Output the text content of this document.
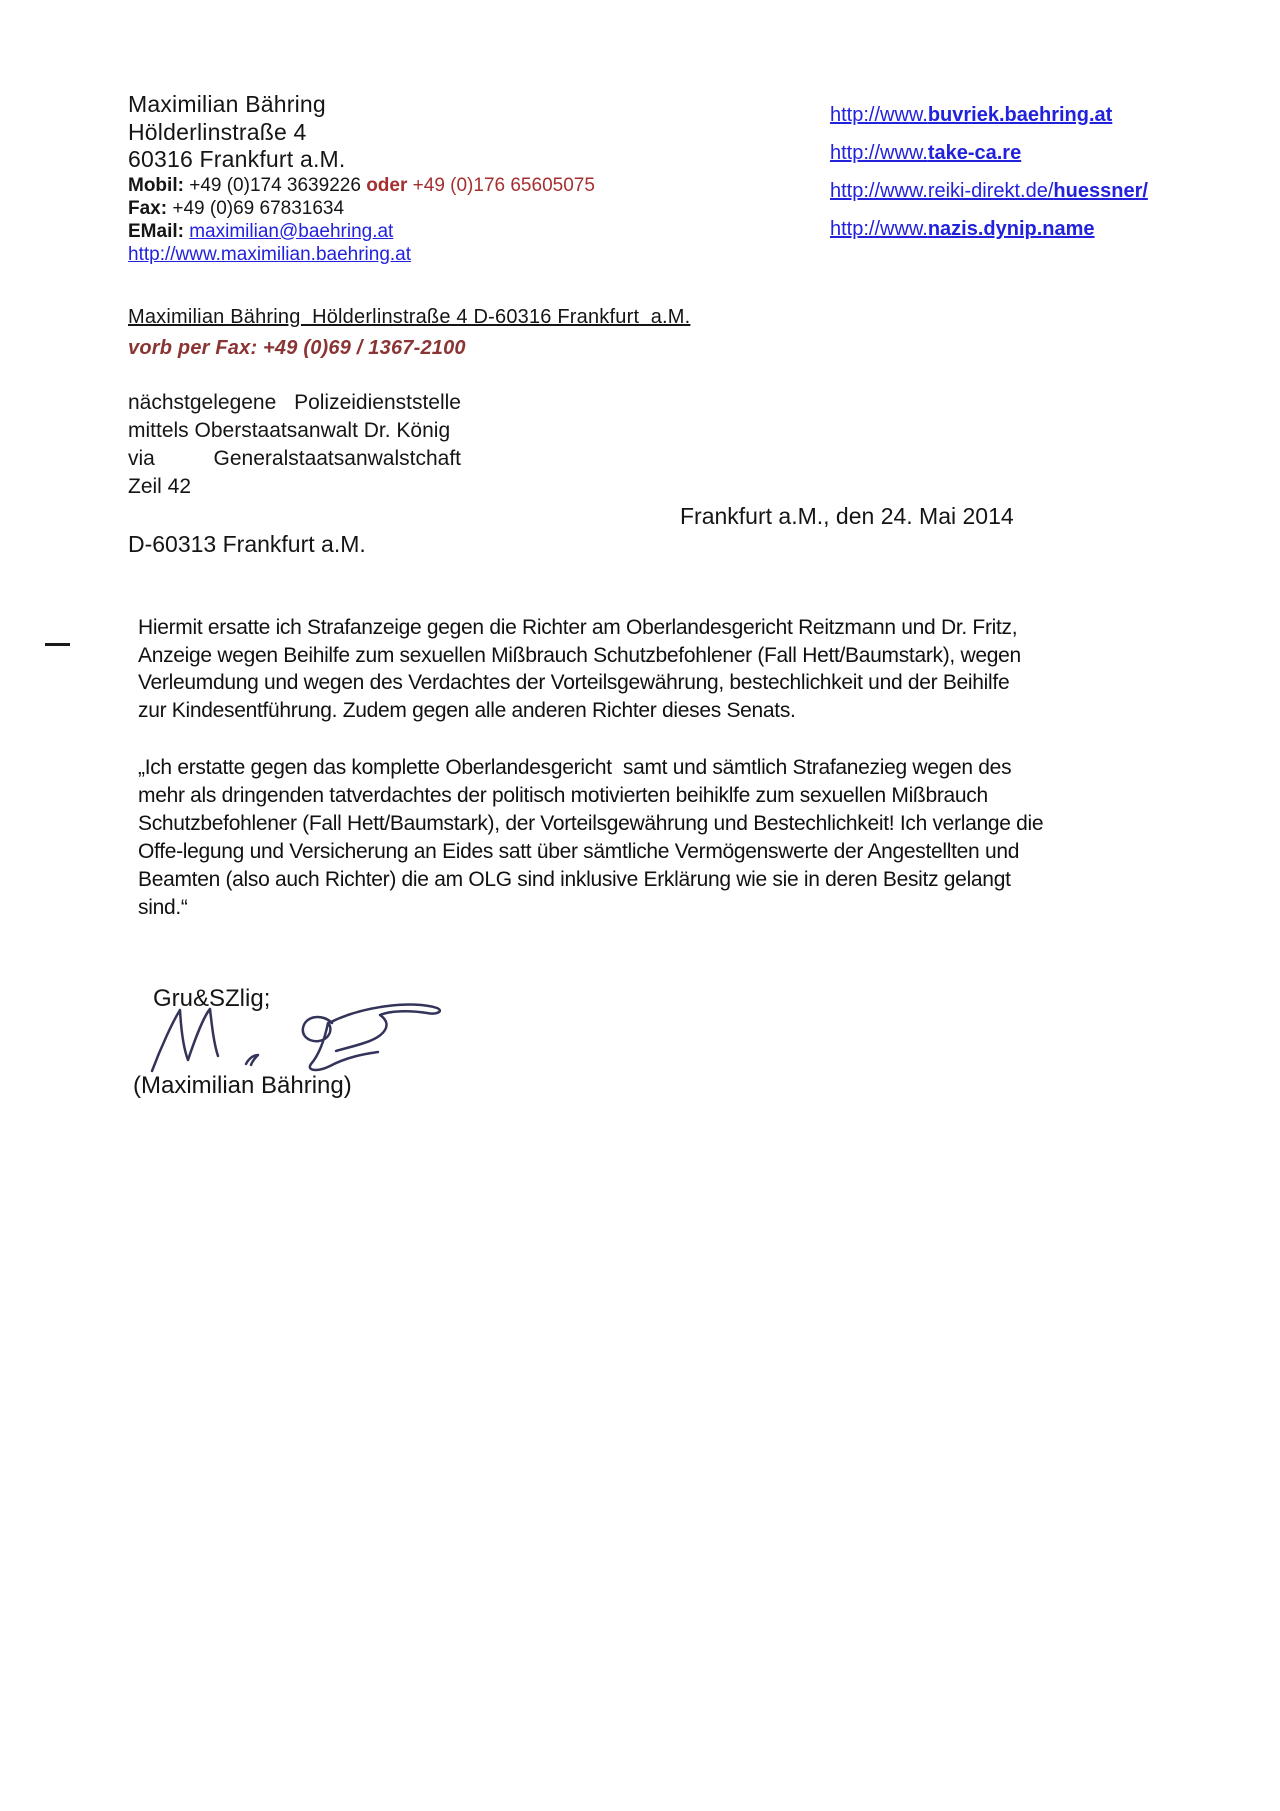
Maximilian Bähring
Hölderlinstraße 4
60316 Frankfurt a.M.
Mobil: +49 (0)174 3639226 oder +49 (0)176 65605075
Fax: +49 (0)69 67831634
EMail: maximilian@baehring.at
http://www.maximilian.baehring.at
http://www.buvriek.baehring.at
http://www.take-ca.re
http://www.reiki-direkt.de/huessner/
http://www.nazis.dynip.name
Maximilian Bähring  Hölderlinstraße 4 D-60316 Frankfurt  a.M.
vorb per Fax: +49 (0)69 / 1367-2100
nächstgelegene Polizeidienststelle
mittels Oberstaatsanwalt Dr. König
via Generalstaatsanwalstchaft
Zeil 42
Frankfurt a.M., den 24. Mai 2014
D-60313 Frankfurt a.M.
Hiermit ersatte ich Strafanzeige gegen die Richter am Oberlandesgericht Reitzmann und Dr. Fritz,
Anzeige wegen Beihilfe zum sexuellen Mißbrauch Schutzbefohlener (Fall Hett/Baumstark), wegen
Verleumdung und wegen des Verdachtes der Vorteilsgewährung, bestechlichkeit und der Beihilfe
zur Kindesentführung. Zudem gegen alle anderen Richter dieses Senats.
„Ich erstatte gegen das komplette Oberlandesgericht  samt und sämtlich Strafanezieg wegen des
mehr als dringenden tatverdachtes der politisch motivierten beihiklfe zum sexuellen Mißbrauch
Schutzbefohlener (Fall Hett/Baumstark), der Vorteilsgewährung und Bestechlichkeit! Ich verlange die
Offe-legung und Versicherung an Eides satt über sämtliche Vermögenswerte der Angestellten und
Beamten (also auch Richter) die am OLG sind inklusive Erklärung wie sie in deren Besitz gelangt
sind.“
Gru&SZlig;
(Maximilian Bähring)
